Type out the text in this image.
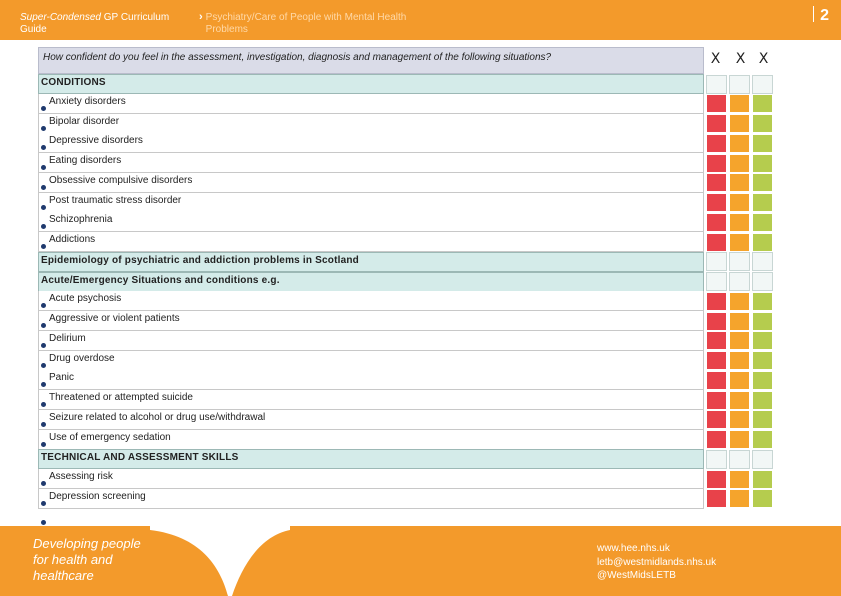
Super-Condensed GP Curriculum Guide
› Psychiatry/Care of People with Mental Health Problems
2
How confident do you feel in the assessment, investigation, diagnosis and management of the following situations?	X	X X
CONDITIONS
Anxiety disorders
Bipolar disorder
Depressive disorders
Eating disorders
Obsessive compulsive disorders
Post traumatic stress disorder
Schizophrenia
Addictions
Epidemiology of psychiatric and addiction problems in Scotland
Acute/Emergency Situations and conditions e.g.
Acute psychosis
Aggressive or violent patients
Delirium
Drug overdose
Panic
Threatened or attempted suicide
Seizure related to alcohol or drug use/withdrawal
Use of emergency sedation
TECHNICAL AND ASSESSMENT SKILLS
Assessing risk
Depression screening
Developing people
for health and
healthcare
www.hee.nhs.uk
letb@westmidlands.nhs.uk
@WestMidsLETB
